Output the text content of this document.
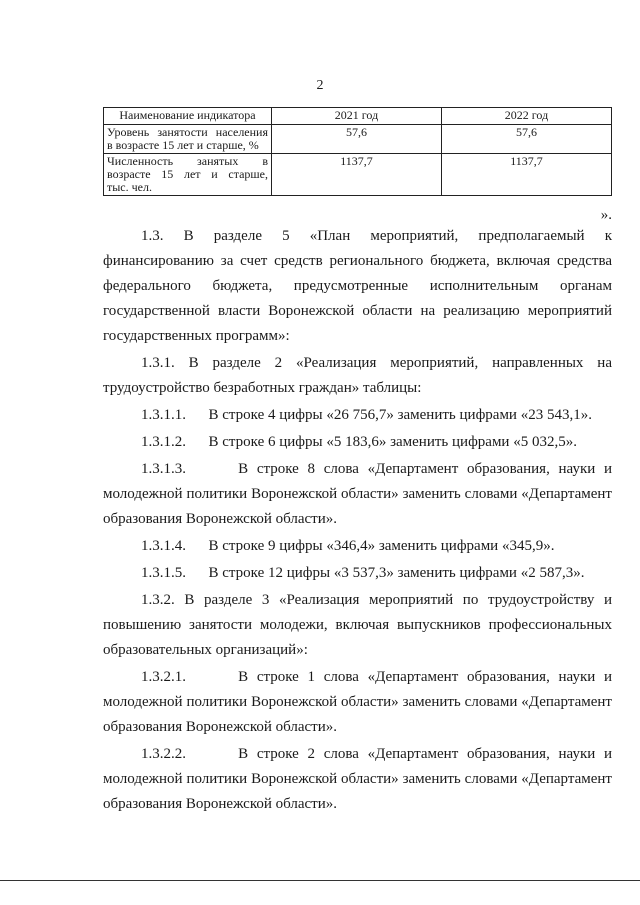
2
Наименование индикатора	2021 год	2022 год
Уровень занятости населения

в возрасте 15 лет и старше, %	57,6	57,6
Численность занятых в
возрасте 15 лет и старше,

тыс. чел.	1137,7	1137,7
».

1.3. В разделе 5 «План мероприятий, предполагаемый к финансированию за счет средств регионального бюджета, включая средства федерального бюджета, предусмотренные исполнительным органам государственной власти Воронежской области на реализацию мероприятий государственных программ»:

1.3.1. В разделе 2 «Реализация мероприятий, направленных на трудоустройство безработных граждан» таблицы:

1.3.1.1.      В строке 4 цифры «26 756,7» заменить цифрами «23 543,1».

1.3.1.2.      В строке 6 цифры «5 183,6» заменить цифрами «5 032,5».

1.3.1.3.      В строке 8 слова «Департамент образования, науки и молодежной политики Воронежской области» заменить словами «Департамент образования Воронежской области».

1.3.1.4.      В строке 9 цифры «346,4» заменить цифрами «345,9».

1.3.1.5.      В строке 12 цифры «3 537,3» заменить цифрами «2 587,3».

1.3.2. В разделе 3 «Реализация мероприятий по трудоустройству и повышению занятости молодежи, включая выпускников профессиональных образовательных организаций»:

1.3.2.1.      В строке 1 слова «Департамент образования, науки и молодежной политики Воронежской области» заменить словами «Департамент образования Воронежской области».

1.3.2.2.      В строке 2 слова «Департамент образования, науки и молодежной политики Воронежской области» заменить словами «Департамент образования Воронежской области».
